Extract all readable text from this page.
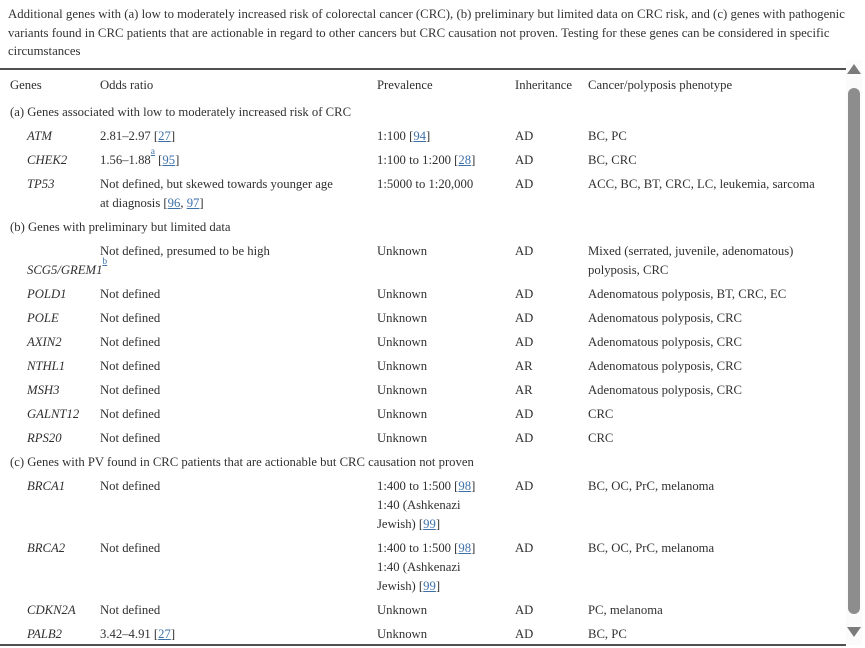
Additional genes with (a) low to moderately increased risk of colorectal cancer (CRC), (b) preliminary but limited data on CRC risk, and (c) genes with pathogenic variants found in CRC patients that are actionable in regard to other cancers but CRC causation not proven. Testing for these genes can be considered in specific circumstances
Genes	Odds ratio	Prevalence	Inheritance	Cancer/polyposis phenotype
(a) Genes associated with low to moderately increased risk of CRC				

ATM	2.81–2.97 [27]	1:100 [94]	AD	BC, PC

CHEK2	1.56–1.88$^a$ [95]	1:100 to 1:200 [28]	AD	BC, CRC

TP53	Not defined, but skewed towards younger age
at diagnosis [96, 97]	1:5000 to 1:20,000	AD	ACC, BC, BT, CRC, LC, leukemia, sarcoma

(b) Genes with preliminary but limited data				

SCG5/GREM1$^b$	Not defined, presumed to be high	Unknown	AD	Mixed (serrated, juvenile, adenomatous) polyposis, CRC

POLD1	Not defined	Unknown	AD	Adenomatous polyposis, BT, CRC, EC

POLE	Not defined	Unknown	AD	Adenomatous polyposis, CRC

AXIN2	Not defined	Unknown	AD	Adenomatous polyposis, CRC

NTHL1	Not defined	Unknown	AR	Adenomatous polyposis, CRC

MSH3	Not defined	Unknown	AR	Adenomatous polyposis, CRC

GALNT12	Not defined	Unknown	AD	CRC

RPS20	Not defined	Unknown	AD	CRC

(c) Genes with PV found in CRC patients that are actionable but CRC causation not proven				

BRCA1	Not defined	1:400 to 1:500 [98]
1:40 (Ashkenazi
Jewish) [99]	AD	BC, OC, PrC, melanoma

BRCA2	Not defined	1:400 to 1:500 [98]
1:40 (Ashkenazi
Jewish) [99]	AD	BC, OC, PrC, melanoma

CDKN2A	Not defined	Unknown	AD	PC, melanoma

PALB2	3.42–4.91 [27]	Unknown	AD	BC, PC
